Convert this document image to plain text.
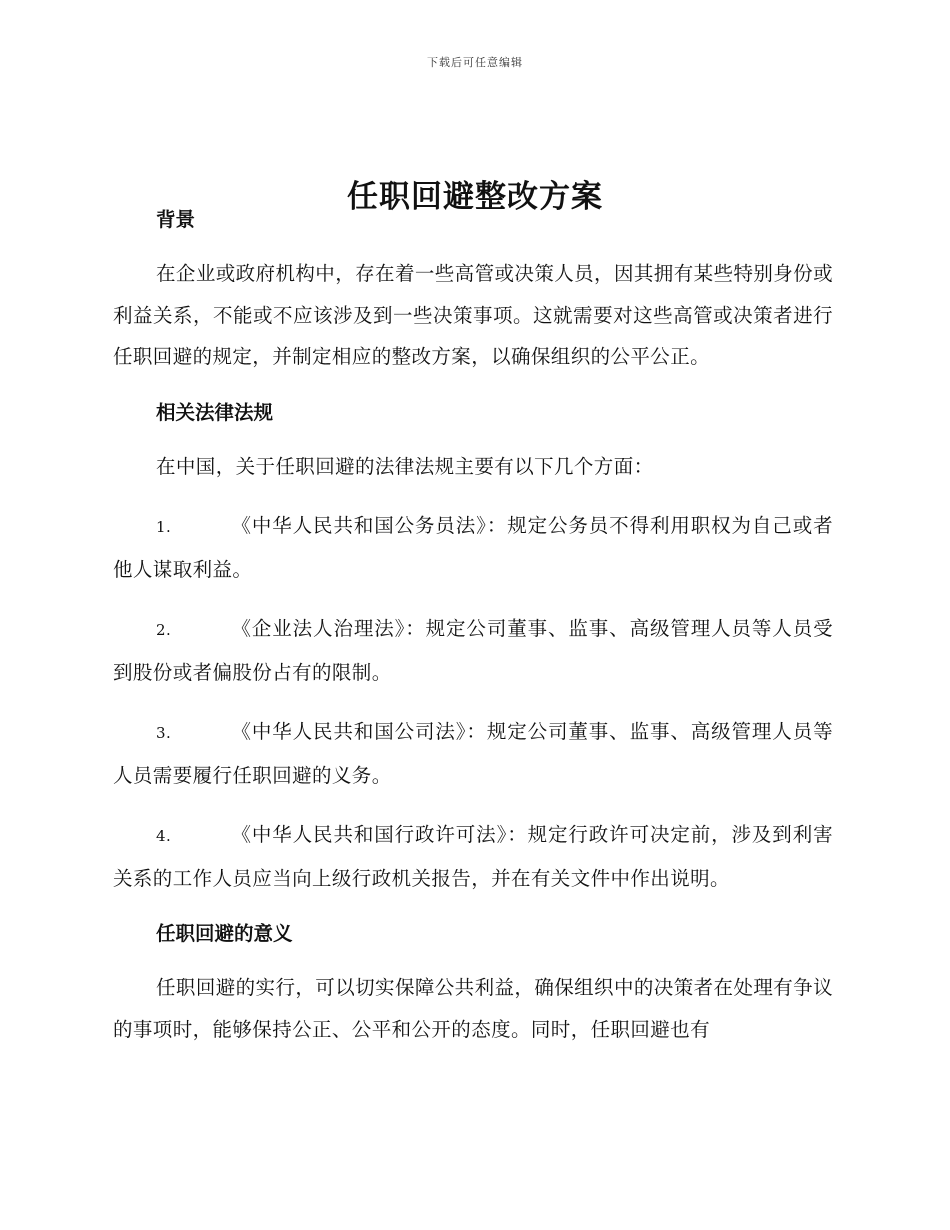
下载后可任意编辑
任职回避整改方案
背景

在企业或政府机构中，存在着一些高管或决策人员，因其拥有某些特别身份或利益关系，不能或不应该涉及到一些决策事项。这就需要对这些高管或决策者进行任职回避的规定，并制定相应的整改方案，以确保组织的公平公正。

相关法律法规

在中国，关于任职回避的法律法规主要有以下几个方面：

1.	《中华人民共和国公务员法》：规定公务员不得利用职权为自己或者他人谋取利益。

2.	《企业法人治理法》：规定公司董事、监事、高级管理人员等人员受到股份或者偏股份占有的限制。

3.	《中华人民共和国公司法》：规定公司董事、监事、高级管理人员等人员需要履行任职回避的义务。

4.	《中华人民共和国行政许可法》：规定行政许可决定前，涉及到利害关系的工作人员应当向上级行政机关报告，并在有关文件中作出说明。

任职回避的意义

任职回避的实行，可以切实保障公共利益，确保组织中的决策者在处理有争议的事项时，能够保持公正、公平和公开的态度。同时，任职回避也有
